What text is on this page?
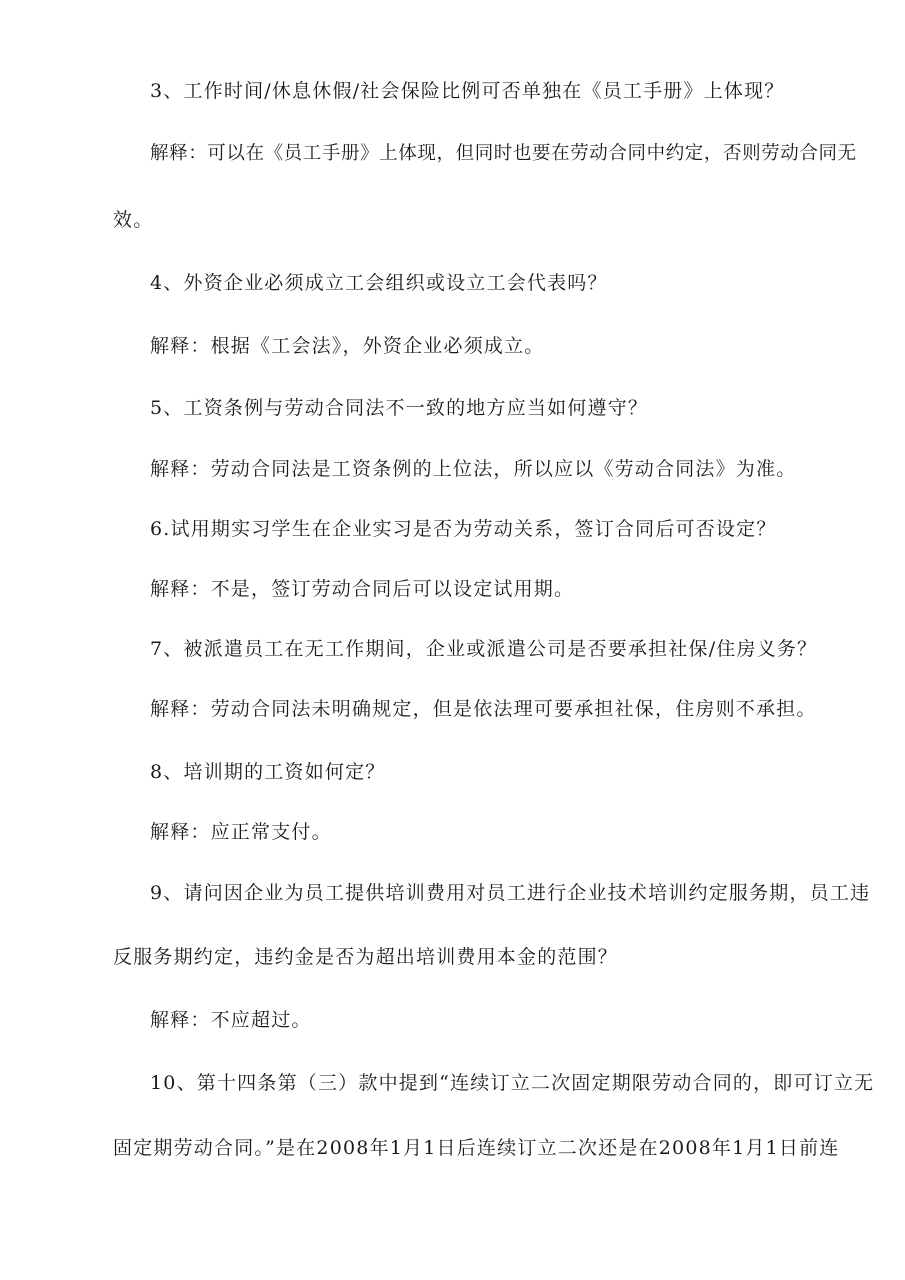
3、工作时间/休息休假/社会保险比例可否单独在《员工手册》上体现？
解释：可以在《员工手册》上体现，但同时也要在劳动合同中约定，否则劳动合同无
效。
4、外资企业必须成立工会组织或设立工会代表吗？
解释：根据《工会法》，外资企业必须成立。
5、工资条例与劳动合同法不一致的地方应当如何遵守？
解释：劳动合同法是工资条例的上位法，所以应以《劳动合同法》为准。
6.试用期实习学生在企业实习是否为劳动关系，签订合同后可否设定？
解释：不是，签订劳动合同后可以设定试用期。
7、被派遣员工在无工作期间，企业或派遣公司是否要承担社保/住房义务？
解释：劳动合同法未明确规定，但是依法理可要承担社保，住房则不承担。
8、培训期的工资如何定？
解释：应正常支付。
9、请问因企业为员工提供培训费用对员工进行企业技术培训约定服务期，员工违
反服务期约定，违约金是否为超出培训费用本金的范围？
解释：不应超过。
10、第十四条第（三）款中提到“连续订立二次固定期限劳动合同的，即可订立无
固定期劳动合同。”是在2008年1月1日后连续订立二次还是在2008年1月1日前连
